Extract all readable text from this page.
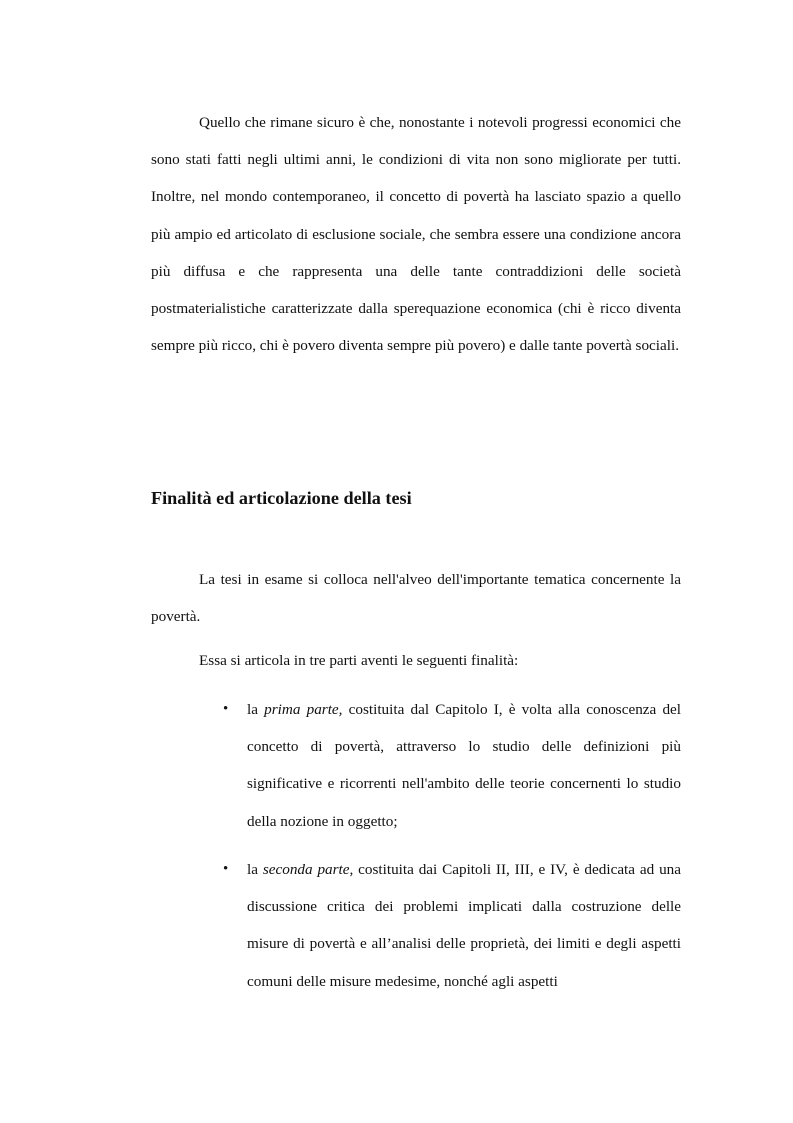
Quello che rimane sicuro è che, nonostante i notevoli progressi economici che sono stati fatti negli ultimi anni, le condizioni di vita non sono migliorate per tutti. Inoltre, nel mondo contemporaneo, il concetto di povertà ha lasciato spazio a quello più ampio ed articolato di esclusione sociale, che sembra essere una condizione ancora più diffusa e che rappresenta una delle tante contraddizioni delle società postmaterialistiche caratterizzate dalla sperequazione economica (chi è ricco diventa sempre più ricco, chi è povero diventa sempre più povero) e dalle tante povertà sociali.

Finalità ed articolazione della tesi

La tesi in esame si colloca nell'alveo dell'importante tematica concernente la povertà.

Essa si articola in tre parti aventi le seguenti finalità:

• la prima parte, costituita dal Capitolo I, è volta alla conoscenza del concetto di povertà, attraverso lo studio delle definizioni più significative e ricorrenti nell'ambito delle teorie concernenti lo studio della nozione in oggetto;

• la seconda parte, costituita dai Capitoli II, III, e IV, è dedicata ad una discussione critica dei problemi implicati dalla costruzione delle misure di povertà e all’analisi delle proprietà, dei limiti e degli aspetti comuni delle misure medesime, nonché agli aspetti
